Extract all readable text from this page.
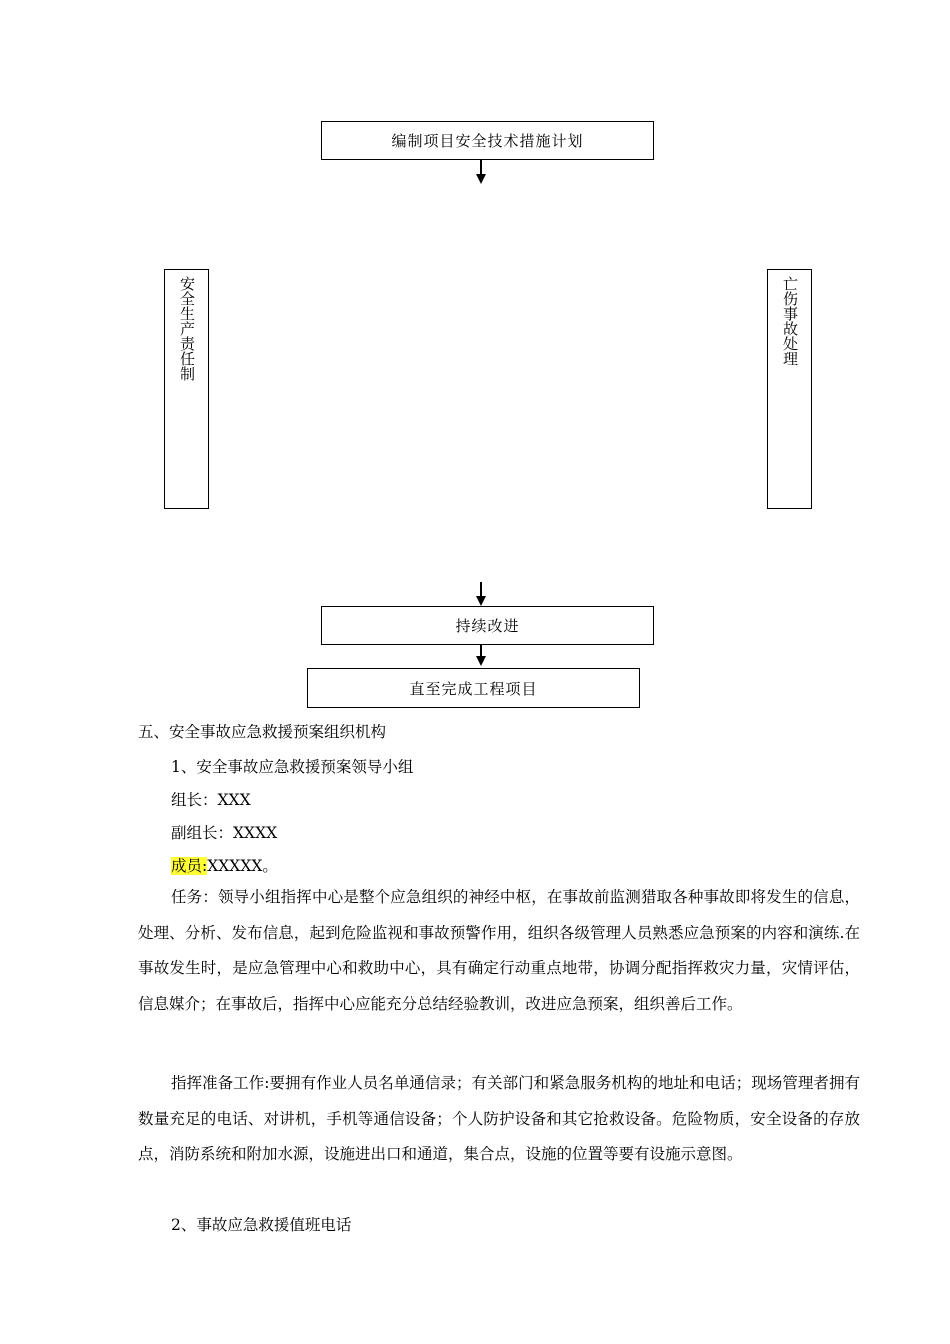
编制项目安全技术措施计划
安全生产责任制	亡伤事故处理
持续改进
直至完成工程项目
五、安全事故应急救援预案组织机构
1、安全事故应急救援预案领导小组
组长：XXX
副组长：XXXX
成员:XXXXX。
任务：领导小组指挥中心是整个应急组织的神经中枢，在事故前监测猎取各种事故即将发生的信息，处理、分析、发布信息，起到危险监视和事故预警作用，组织各级管理人员熟悉应急预案的内容和演练.在事故发生时，是应急管理中心和救助中心，具有确定行动重点地带，协调分配指挥救灾力量，灾情评估，信息媒介；在事故后，指挥中心应能充分总结经验教训，改进应急预案，组织善后工作。
指挥准备工作:要拥有作业人员名单通信录；有关部门和紧急服务机构的地址和电话；现场管理者拥有数量充足的电话、对讲机，手机等通信设备；个人防护设备和其它抢救设备。危险物质，安全设备的存放点，消防系统和附加水源，设施进出口和通道，集合点，设施的位置等要有设施示意图。
2、事故应急救援值班电话
